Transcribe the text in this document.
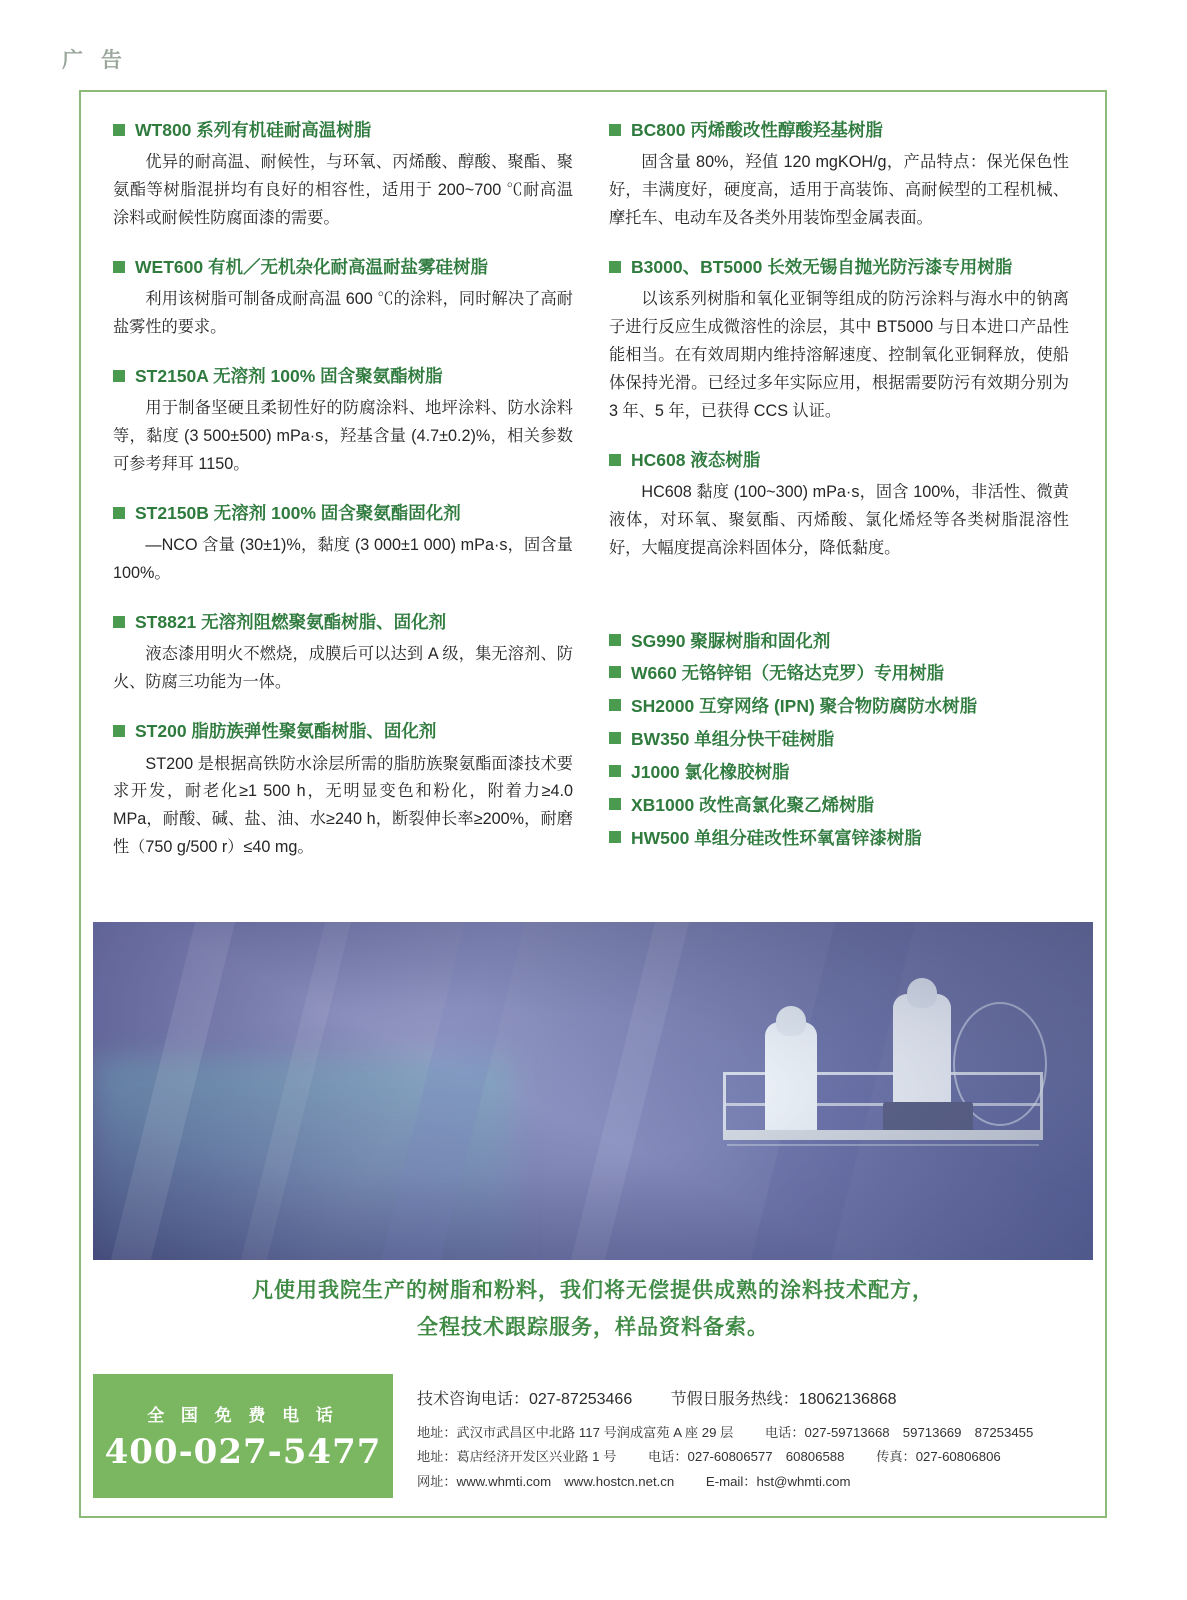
广 告
WT800 系列有机硅耐高温树脂

优异的耐高温、耐候性，与环氧、丙烯酸、醇酸、聚酯、聚氨酯等树脂混拼均有良好的相容性，适用于 200~700 ℃耐高温涂料或耐候性防腐面漆的需要。

WET600 有机／无机杂化耐高温耐盐雾硅树脂

利用该树脂可制备成耐高温 600 ℃的涂料，同时解决了高耐盐雾性的要求。

ST2150A 无溶剂 100% 固含聚氨酯树脂

用于制备坚硬且柔韧性好的防腐涂料、地坪涂料、防水涂料等，黏度 (3 500±500) mPa·s，羟基含量 (4.7±0.2)%，相关参数可参考拜耳 1150。

ST2150B 无溶剂 100% 固含聚氨酯固化剂

—NCO 含量 (30±1)%，黏度 (3 000±1 000) mPa·s，固含量 100%。

ST8821 无溶剂阻燃聚氨酯树脂、固化剂

液态漆用明火不燃烧，成膜后可以达到 A 级，集无溶剂、防火、防腐三功能为一体。

ST200 脂肪族弹性聚氨酯树脂、固化剂

ST200 是根据高铁防水涂层所需的脂肪族聚氨酯面漆技术要求开发，耐老化≥1 500 h，无明显变色和粉化，附着力≥4.0 MPa，耐酸、碱、盐、油、水≥240 h，断裂伸长率≥200%，耐磨性（750 g/500 r）≤40 mg。

BC800 丙烯酸改性醇酸羟基树脂

固含量 80%，羟值 120 mgKOH/g，产品特点：保光保色性好，丰满度好，硬度高，适用于高装饰、高耐候型的工程机械、摩托车、电动车及各类外用装饰型金属表面。

B3000、BT5000 长效无锡自抛光防污漆专用树脂

以该系列树脂和氧化亚铜等组成的防污涂料与海水中的钠离子进行反应生成微溶性的涂层，其中 BT5000 与日本进口产品性能相当。在有效周期内维持溶解速度、控制氧化亚铜释放，使船体保持光滑。已经过多年实际应用，根据需要防污有效期分别为 3 年、5 年，已获得 CCS 认证。

HC608 液态树脂

HC608 黏度 (100~300) mPa·s，固含 100%，非活性、微黄液体，对环氧、聚氨酯、丙烯酸、氯化烯烃等各类树脂混溶性好，大幅度提高涂料固体分，降低黏度。

SG990 聚脲树脂和固化剂
W660 无铬锌铝（无铬达克罗）专用树脂
SH2000 互穿网络 (IPN) 聚合物防腐防水树脂
BW350 单组分快干硅树脂
J1000 氯化橡胶树脂
XB1000 改性高氯化聚乙烯树脂
HW500 单组分硅改性环氧富锌漆树脂
凡使用我院生产的树脂和粉料，我们将无偿提供成熟的涂料技术配方，
全程技术跟踪服务，样品资料备索。
全 国 免 费 电 话
400-027-5477
技术咨询电话：027-87253466 节假日服务热线：18062136868
地址：武汉市武昌区中北路 117 号润成富苑 A 座 29 层 电话：027-59713668　59713669　87253455
地址：葛店经济开发区兴业路 1 号 电话：027-60806577　60806588 传真：027-60806806
网址：www.whmti.com　www.hostcn.net.cn E-mail：hst@whmti.com
